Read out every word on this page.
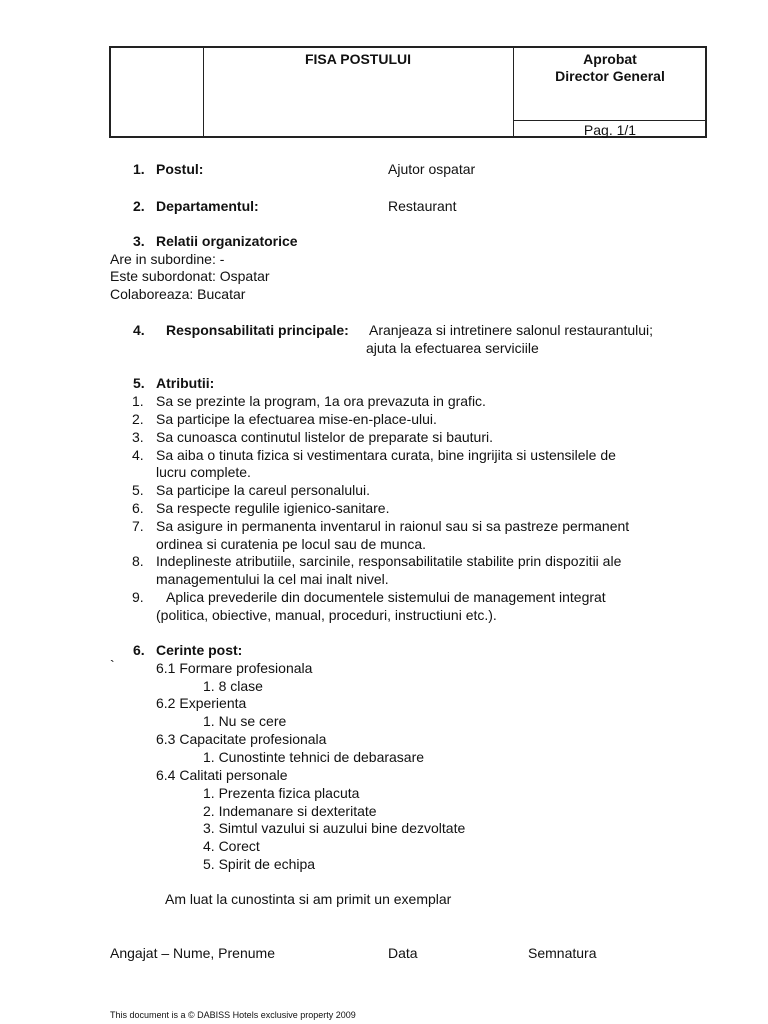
FISA POSTULUI	Aprobat
Director General
Pag. 1/1
1. Postul:	Ajutor ospatar
2. Departamentul:	Restaurant
3. Relatii organizatorice
Are in subordine: -
Este subordonat: Ospatar
Colaboreaza: Bucatar
4. Responsabilitati principale: Aranjeaza si intretinere salonul restaurantului;
ajuta la efectuarea serviciile
5. Atributii:
1. Sa se prezinte la program, 1a ora prevazuta in grafic.
2. Sa participe la efectuarea mise-en-place-ului.
3. Sa cunoasca continutul listelor de preparate si bauturi.
4. Sa aiba o tinuta fizica si vestimentara curata, bine ingrijita si ustensilele de
lucru complete.
5. Sa participe la careul personalului.
6. Sa respecte regulile igienico-sanitare.
7. Sa asigure in permanenta inventarul in raionul sau si sa pastreze permanent
ordinea si curatenia pe locul sau de munca.
8. Indeplineste atributiile, sarcinile, responsabilitatile stabilite prin dispozitii ale
managementului la cel mai inalt nivel.
9. Aplica prevederile din documentele sistemului de management integrat
(politica, obiective, manual, proceduri, instructiuni etc.).
6. Cerinte post:
`	6.1 Formare profesionala
1. 8 clase
6.2 Experienta
1. Nu se cere
6.3 Capacitate profesionala
1. Cunostinte tehnici de debarasare
6.4 Calitati personale
1. Prezenta fizica placuta
2. Indemanare si dexteritate
3. Simtul vazului si auzului bine dezvoltate
4. Corect
5. Spirit de echipa
Am luat la cunostinta si am primit un exemplar
Angajat – Nume, Prenume	Data	Semnatura
This document is a © DABISS Hotels exclusive property 2009
